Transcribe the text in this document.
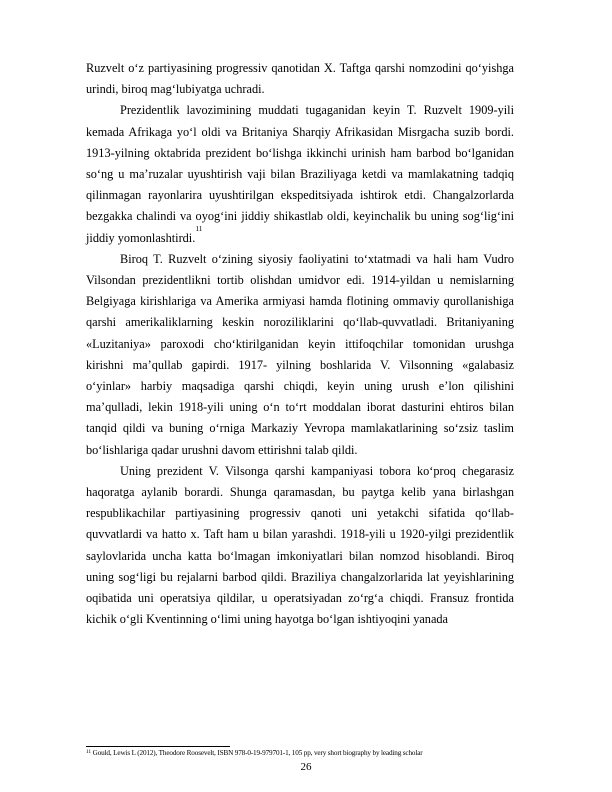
Ruzvelt o‘z partiyasining progressiv qanotidan X. Taftga qarshi nomzodini qo‘yishga urindi, biroq mag‘lubiyatga uchradi.

Prezidentlik lavozimining muddati tugaganidan keyin T. Ruzvelt 1909-yili kemada Afrikaga yo‘l oldi va Britaniya Sharqiy Afrikasidan Misrgacha suzib bordi. 1913-yilning oktabrida prezident bo‘lishga ikkinchi urinish ham barbod bo‘lganidan so‘ng u ma’ruzalar uyushtirish vaji bilan Braziliyaga ketdi va mamlakatning tadqiq qilinmagan rayonlarira uyushtirilgan ekspeditsiyada ishtirok etdi. Changalzorlarda bezgakka chalindi va oyog‘ini jiddiy shikastlab oldi, keyinchalik bu uning sog‘lig‘ini jiddiy yomonlashtirdi.$^{11}$

Biroq T. Ruzvelt o‘zining siyosiy faoliyatini to‘xtatmadi va hali ham Vudro Vilsondan prezidentlikni tortib olishdan umidvor edi. 1914-yildan u nemislarning Belgiyaga kirishlariga va Amerika armiyasi hamda flotining ommaviy qurollanishiga qarshi amerikaliklarning keskin noroziliklarini qo‘llab-quvvatladi. Britaniyaning «Luzitaniya» paroxodi cho‘ktirilganidan keyin ittifoqchilar tomonidan urushga kirishni ma’qullab gapirdi. 1917- yilning boshlarida V. Vilsonning «galabasiz o‘yinlar» harbiy maqsadiga qarshi chiqdi, keyin uning urush e’lon qilishini ma’qulladi, lekin 1918-yili uning o‘n to‘rt moddalan iborat dasturini ehtiros bilan tanqid qildi va buning o‘rniga Markaziy Yevropa mamlakatlarining so‘zsiz taslim bo‘lishlariga qadar urushni davom ettirishni talab qildi.

Uning prezident V. Vilsonga qarshi kampaniyasi tobora ko‘proq chegarasiz haqoratga aylanib borardi. Shunga qaramasdan, bu paytga kelib yana birlashgan respublikachilar partiyasining progressiv qanoti uni yetakchi sifatida qo‘llab-quvvatlardi va hatto x. Taft ham u bilan yarashdi. 1918-yili u 1920-yilgi prezidentlik saylovlarida uncha katta bo‘lmagan imkoniyatlari bilan nomzod hisoblandi. Biroq uning sog‘ligi bu rejalarni barbod qildi. Braziliya changalzorlarida lat yeyishlarining oqibatida uni operatsiya qildilar, u operatsiyadan zo‘rg‘a chiqdi. Fransuz frontida kichik o‘gli Kventinning o‘limi uning hayotga bo‘lgan ishtiyoqini yanada

$^{11}$ Gould, Lewis L (2012), Theodore Roosevelt, ISBN 978-0-19-979701-1, 105 pp, very short biography by leading scholar
26
